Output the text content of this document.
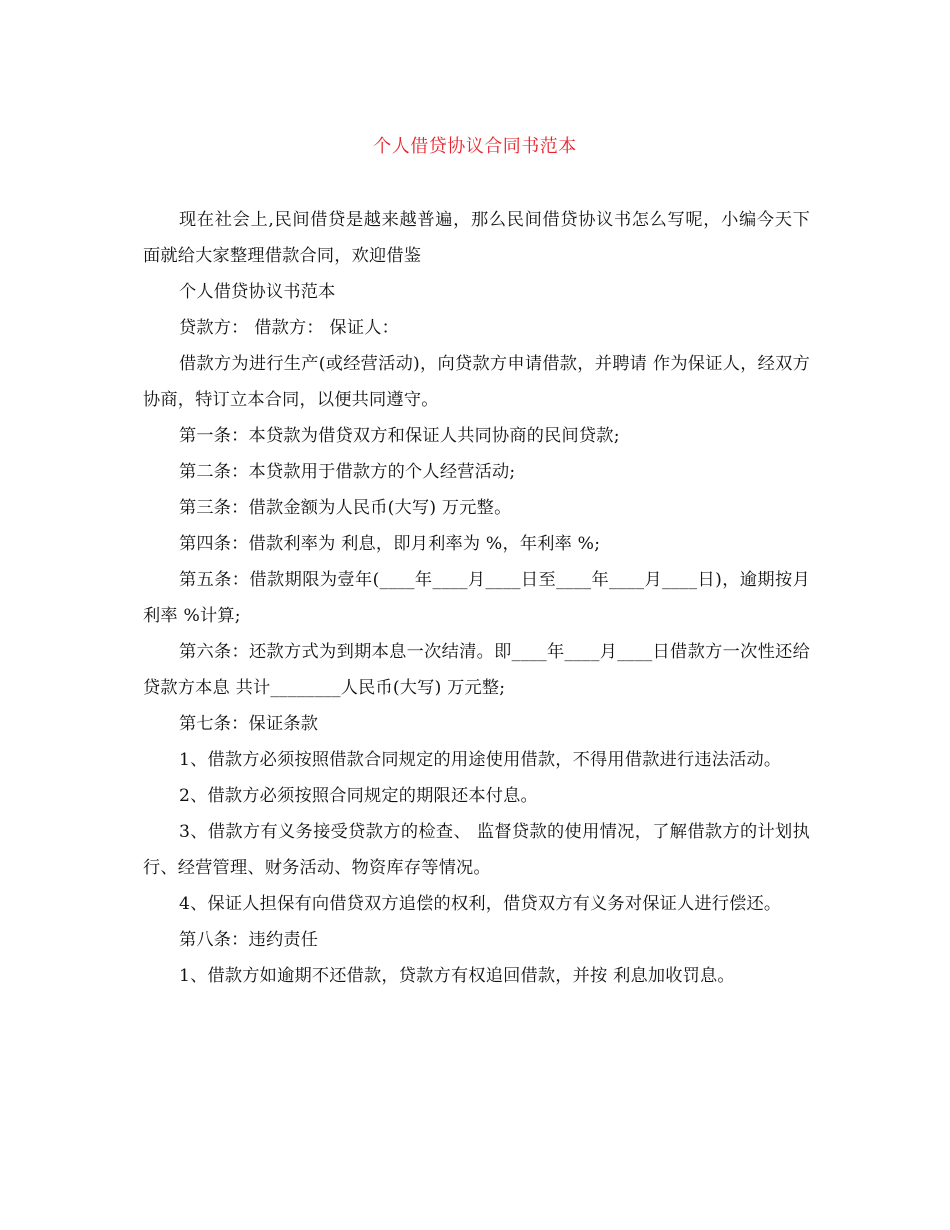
个人借贷协议合同书范本

现在社会上,民间借贷是越来越普遍，那么民间借贷协议书怎么写呢，小编今天下面就给大家整理借款合同，欢迎借鉴

个人借贷协议书范本

贷款方： 借款方： 保证人：

借款方为进行生产(或经营活动)，向贷款方申请借款，并聘请 作为保证人，经双方协商，特订立本合同，以便共同遵守。

第一条：本贷款为借贷双方和保证人共同协商的民间贷款;

第二条：本贷款用于借款方的个人经营活动;

第三条：借款金额为人民币(大写) 万元整。

第四条：借款利率为 利息，即月利率为 %，年利率 %;

第五条：借款期限为壹年(____年____月____日至____年____月____日)，逾期按月利率 %计算;

第六条：还款方式为到期本息一次结清。即____年____月____日借款方一次性还给贷款方本息 共计________人民币(大写) 万元整;

第七条：保证条款

1、借款方必须按照借款合同规定的用途使用借款，不得用借款进行违法活动。

2、借款方必须按照合同规定的期限还本付息。

3、借款方有义务接受贷款方的检查、 监督贷款的使用情况，了解借款方的计划执行、经营管理、财务活动、物资库存等情况。

4、保证人担保有向借贷双方追偿的权利，借贷双方有义务对保证人进行偿还。

第八条：违约责任

1、借款方如逾期不还借款，贷款方有权追回借款，并按 利息加收罚息。
